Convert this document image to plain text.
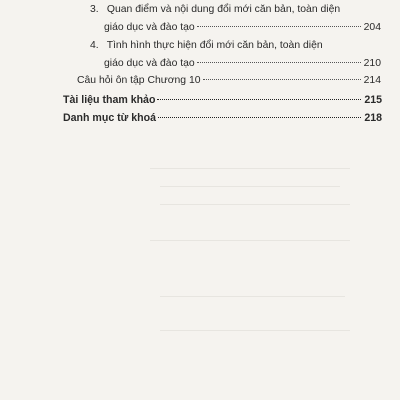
3. Quan điểm và nội dung đổi mới căn bản, toàn diện
giáo dục và đào tạo	204
4. Tình hình thực hiện đổi mới căn bản, toàn diện
giáo dục và đào tạo	210
Câu hỏi ôn tập Chương 10	214
Tài liệu tham khảo	215
Danh mục từ khoá	218
